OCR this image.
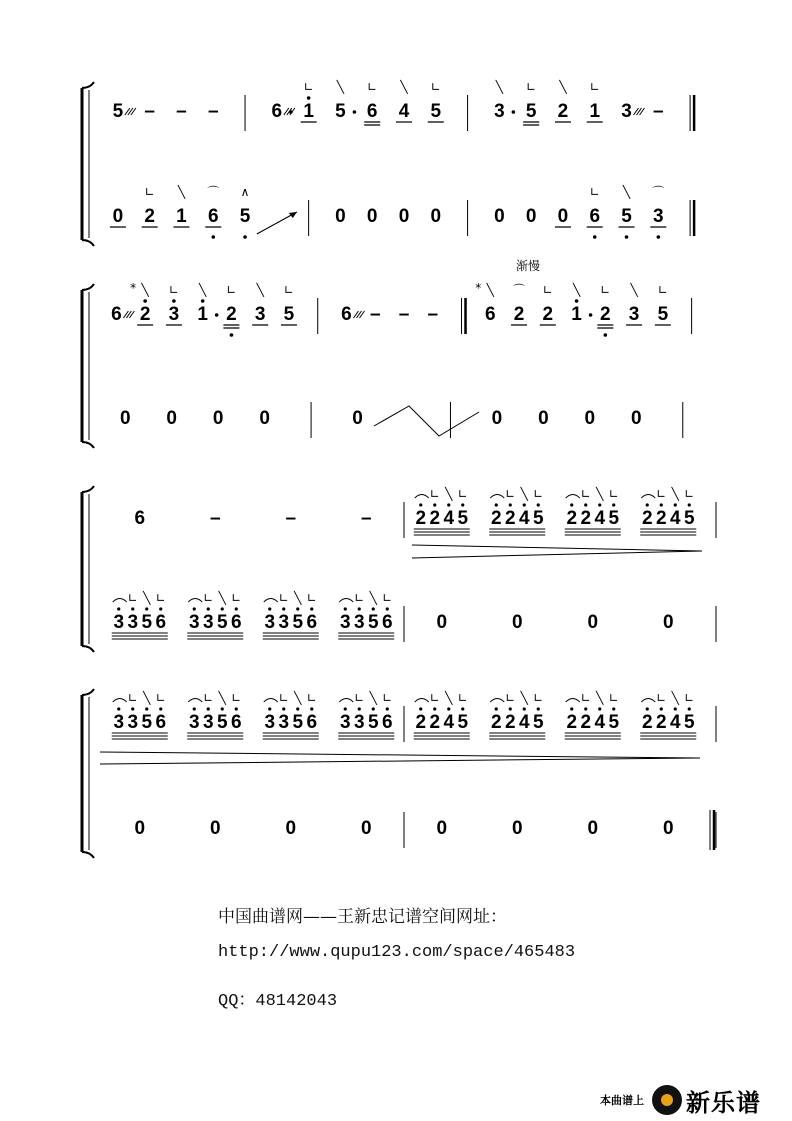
5 – – –	6 1
∟
5
╲
6
∟
4
╲
5
∟
3
╲
5
∟
2
╲
1
∟
3 –
0 2
∟
1
╲
6
⌒
5
∧
0 0 0 0	0 0 0 6
∟
5
╲
3
⌒
6 2
╲
*
3
∟
1
╲
2
∟
3
╲
5
∟
6 – – – 6
╲
*
2
⌒
2
∟
1
╲
2
∟
3
╲
5
∟
0 0 0 0	0	0 0 0 0
渐慢
6	–	–	– 2 2 4 5
∟ ╲ ∟
2 2 4 5
∟ ╲ ∟
2 2 4 5
∟ ╲ ∟
2 2 4 5
∟ ╲ ∟
3 3 5 6
∟ ╲ ∟
3 3 5 6
∟ ╲ ∟
3 3 5 6
∟ ╲ ∟
3 3 5 6
∟ ╲ ∟
0	0	0	0
3 3 5 6
∟ ╲ ∟
3 3 5 6
∟ ╲ ∟
3 3 5 6
∟ ╲ ∟
3 3 5 6
∟ ╲ ∟
2 2 4 5
∟ ╲ ∟
2 2 4 5
∟ ╲ ∟
2 2 4 5
∟ ╲ ∟
2 2 4 5
∟ ╲ ∟
0	0	0	0	0	0	0	0
中国曲谱网——王新忠记谱空间网址：
http://www.qupu123.com/space/465483
QQ：48142043
本曲谱上 新乐谱
